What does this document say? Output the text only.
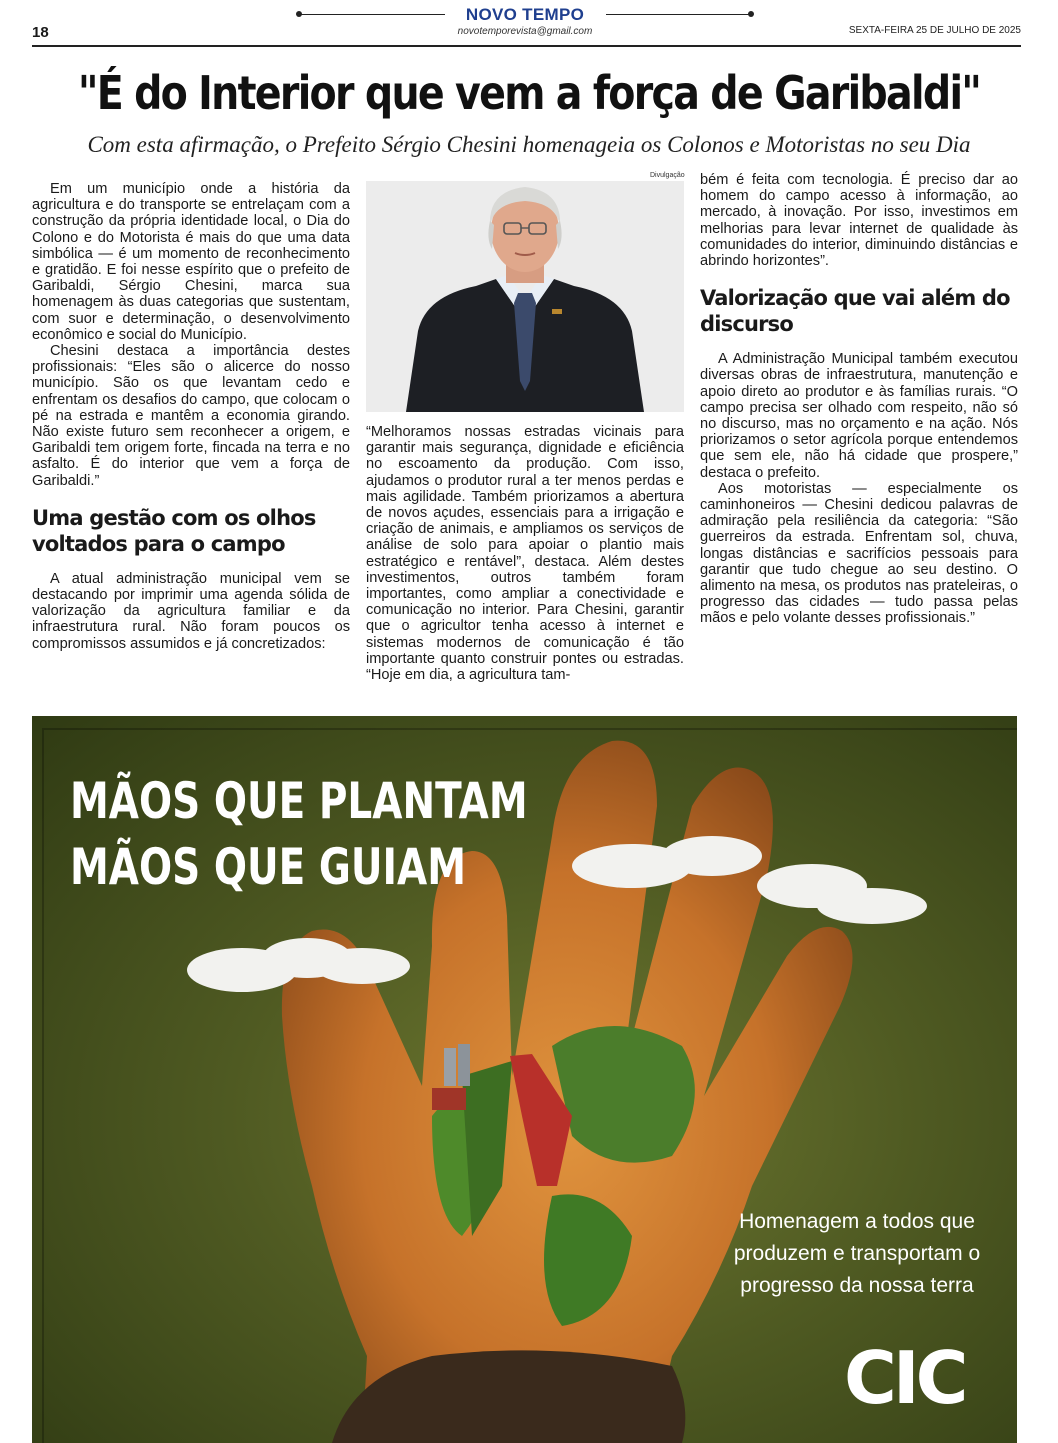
18
NOVO TEMPO
novotemporevista@gmail.com	SEXTA-FEIRA 25 DE JULHO DE 2025
"É do Interior que vem a força de Garibaldi"
Com esta afirmação, o Prefeito Sérgio Chesini homenageia os Colonos e Motoristas no seu Dia

Em um município onde a história da agricultura e do transporte se entrelaçam com a construção da própria identidade local, o Dia do Colono e do Motorista é mais do que uma data simbólica — é um momento de reconhecimento e gratidão. E foi nesse espírito que o prefeito de Garibaldi, Sérgio Chesini, marca sua homenagem às duas categorias que sustentam, com suor e determinação, o desenvolvimento econômico e social do Município.

Chesini destaca a importância destes profissionais: “Eles são o alicerce do nosso município. São os que levantam cedo e enfrentam os desafios do campo, que colocam o pé na estrada e mantêm a economia girando. Não existe futuro sem reconhecer a origem, e Garibaldi tem origem forte, fincada na terra e no asfalto. É do interior que vem a força de Garibaldi.”

Uma gestão com os olhos voltados para o campo

A atual administração municipal vem se destacando por imprimir uma agenda sólida de valorização da agricultura familiar e da infraestrutura rural. Não foram poucos os compromissos assumidos e já concretizados:

Divulgação

“Melhoramos nossas estradas vicinais para garantir mais segurança, dignidade e eficiência no escoamento da produção. Com isso, ajudamos o produtor rural a ter menos perdas e mais agilidade. Também priorizamos a abertura de novos açudes, essenciais para a irrigação e criação de animais, e ampliamos os serviços de análise de solo para apoiar o plantio mais estratégico e rentável”, destaca. Além destes investimentos, outros também foram importantes, como ampliar a conectividade e comunicação no interior. Para Chesini, garantir que o agricultor tenha acesso à internet e sistemas modernos de comunicação é tão importante quanto construir pontes ou estradas. “Hoje em dia, a agricultura tam-

bém é feita com tecnologia. É preciso dar ao homem do campo acesso à informação, ao mercado, à inovação. Por isso, investimos em melhorias para levar internet de qualidade às comunidades do interior, diminuindo distâncias e abrindo horizontes”.

Valorização que vai além do discurso

A Administração Municipal também executou diversas obras de infraestrutura, manutenção e apoio direto ao produtor e às famílias rurais. “O campo precisa ser olhado com respeito, não só no discurso, mas no orçamento e na ação. Nós priorizamos o setor agrícola porque entendemos que sem ele, não há cidade que prospere,” destaca o prefeito.

Aos motoristas — especialmente os caminhoneiros — Chesini dedicou palavras de admiração pela resiliência da categoria: “São guerreiros da estrada. Enfrentam sol, chuva, longas distâncias e sacrifícios pessoais para garantir que tudo chegue ao seu destino. O alimento na mesa, os produtos nas prateleiras, o progresso das cidades — tudo passa pelas mãos e pelo volante desses profissionais.”

MÃOS QUE PLANTAM
MÃOS QUE GUIAM
Homenagem a todos que produzem e transportam o progresso da nossa terra
CIC
